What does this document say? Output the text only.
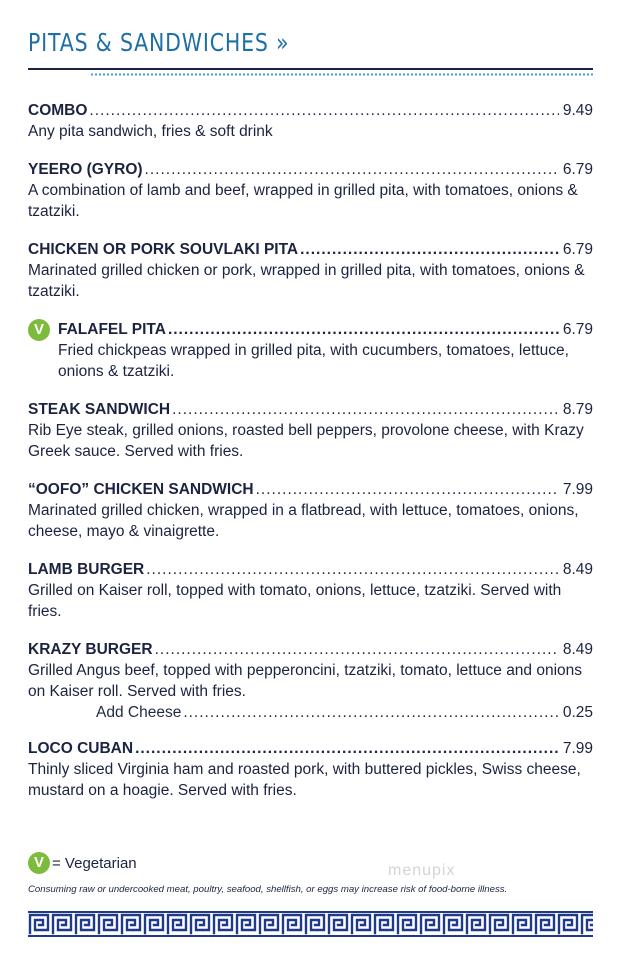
PITAS & SANDWICHES »
COMBO .....	9.49
Any pita sandwich, fries & soft drink
YEERO (GYRO) .....	6.79
A combination of lamb and beef, wrapped in grilled pita, with tomatoes, onions & tzatziki.
CHICKEN OR PORK SOUVLAKI PITA .....	6.79
Marinated grilled chicken or pork, wrapped in grilled pita, with tomatoes, onions & tzatziki.
V FALAFEL PITA .....	6.79
Fried chickpeas wrapped in grilled pita, with cucumbers, tomatoes, lettuce, onions & tzatziki.
STEAK SANDWICH .....	8.79
Rib Eye steak, grilled onions, roasted bell peppers, provolone cheese, with Krazy Greek sauce. Served with fries.
“OOFO” CHICKEN SANDWICH .....	7.99
Marinated grilled chicken, wrapped in a flatbread, with lettuce, tomatoes, onions, cheese, mayo & vinaigrette.
LAMB BURGER .....	8.49
Grilled on Kaiser roll, topped with tomato, onions, lettuce, tzatziki. Served with fries.
KRAZY BURGER .....	8.49
Grilled Angus beef, topped with pepperoncini, tzatziki, tomato, lettuce and onions on Kaiser roll. Served with fries.
Add Cheese .....	0.25
LOCO CUBAN .....	7.99
Thinly sliced Virginia ham and roasted pork, with buttered pickles, Swiss cheese, mustard on a hoagie. Served with fries.
V = Vegetarian	menupix
Consuming raw or undercooked meat, poultry, seafood, shellfish, or eggs may increase risk of food-borne illness.
